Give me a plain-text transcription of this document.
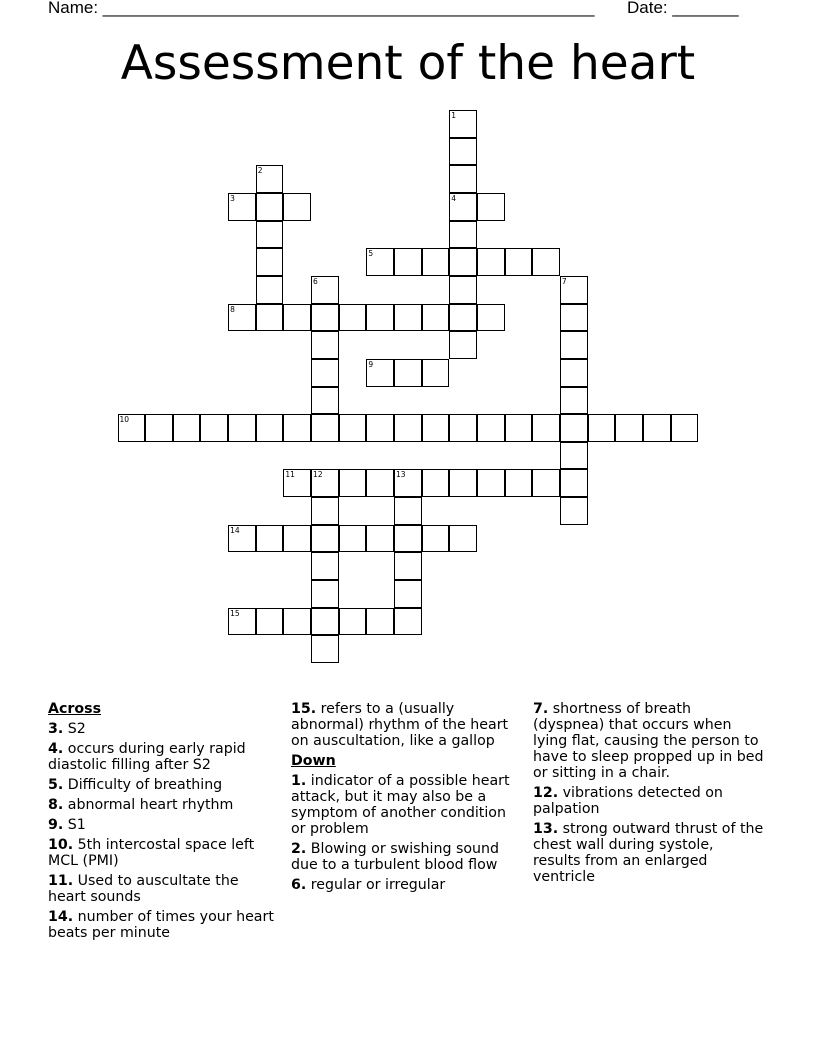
Name: ____________________________________________________ Date: _______
Assessment of the heart
1
4
2
3
5
6	7
8
9
10
11 12	13
14
15
Across
3. S2
4. occurs during early rapid diastolic filling after S2
5. Difficulty of breathing
8. abnormal heart rhythm
9. S1
10. 5th intercostal space left MCL (PMI)
11. Used to auscultate the heart sounds
14. number of times your heart beats per minute
15. refers to a (usually abnormal) rhythm of the heart on auscultation, like a gallop
Down
1. indicator of a possible heart attack, but it may also be a symptom of another condition or problem
2. Blowing or swishing sound due to a turbulent blood flow
6. regular or irregular
7. shortness of breath (dyspnea) that occurs when lying flat, causing the person to have to sleep propped up in bed or sitting in a chair.
12. vibrations detected on palpation
13. strong outward thrust of the chest wall during systole, results from an enlarged ventricle
